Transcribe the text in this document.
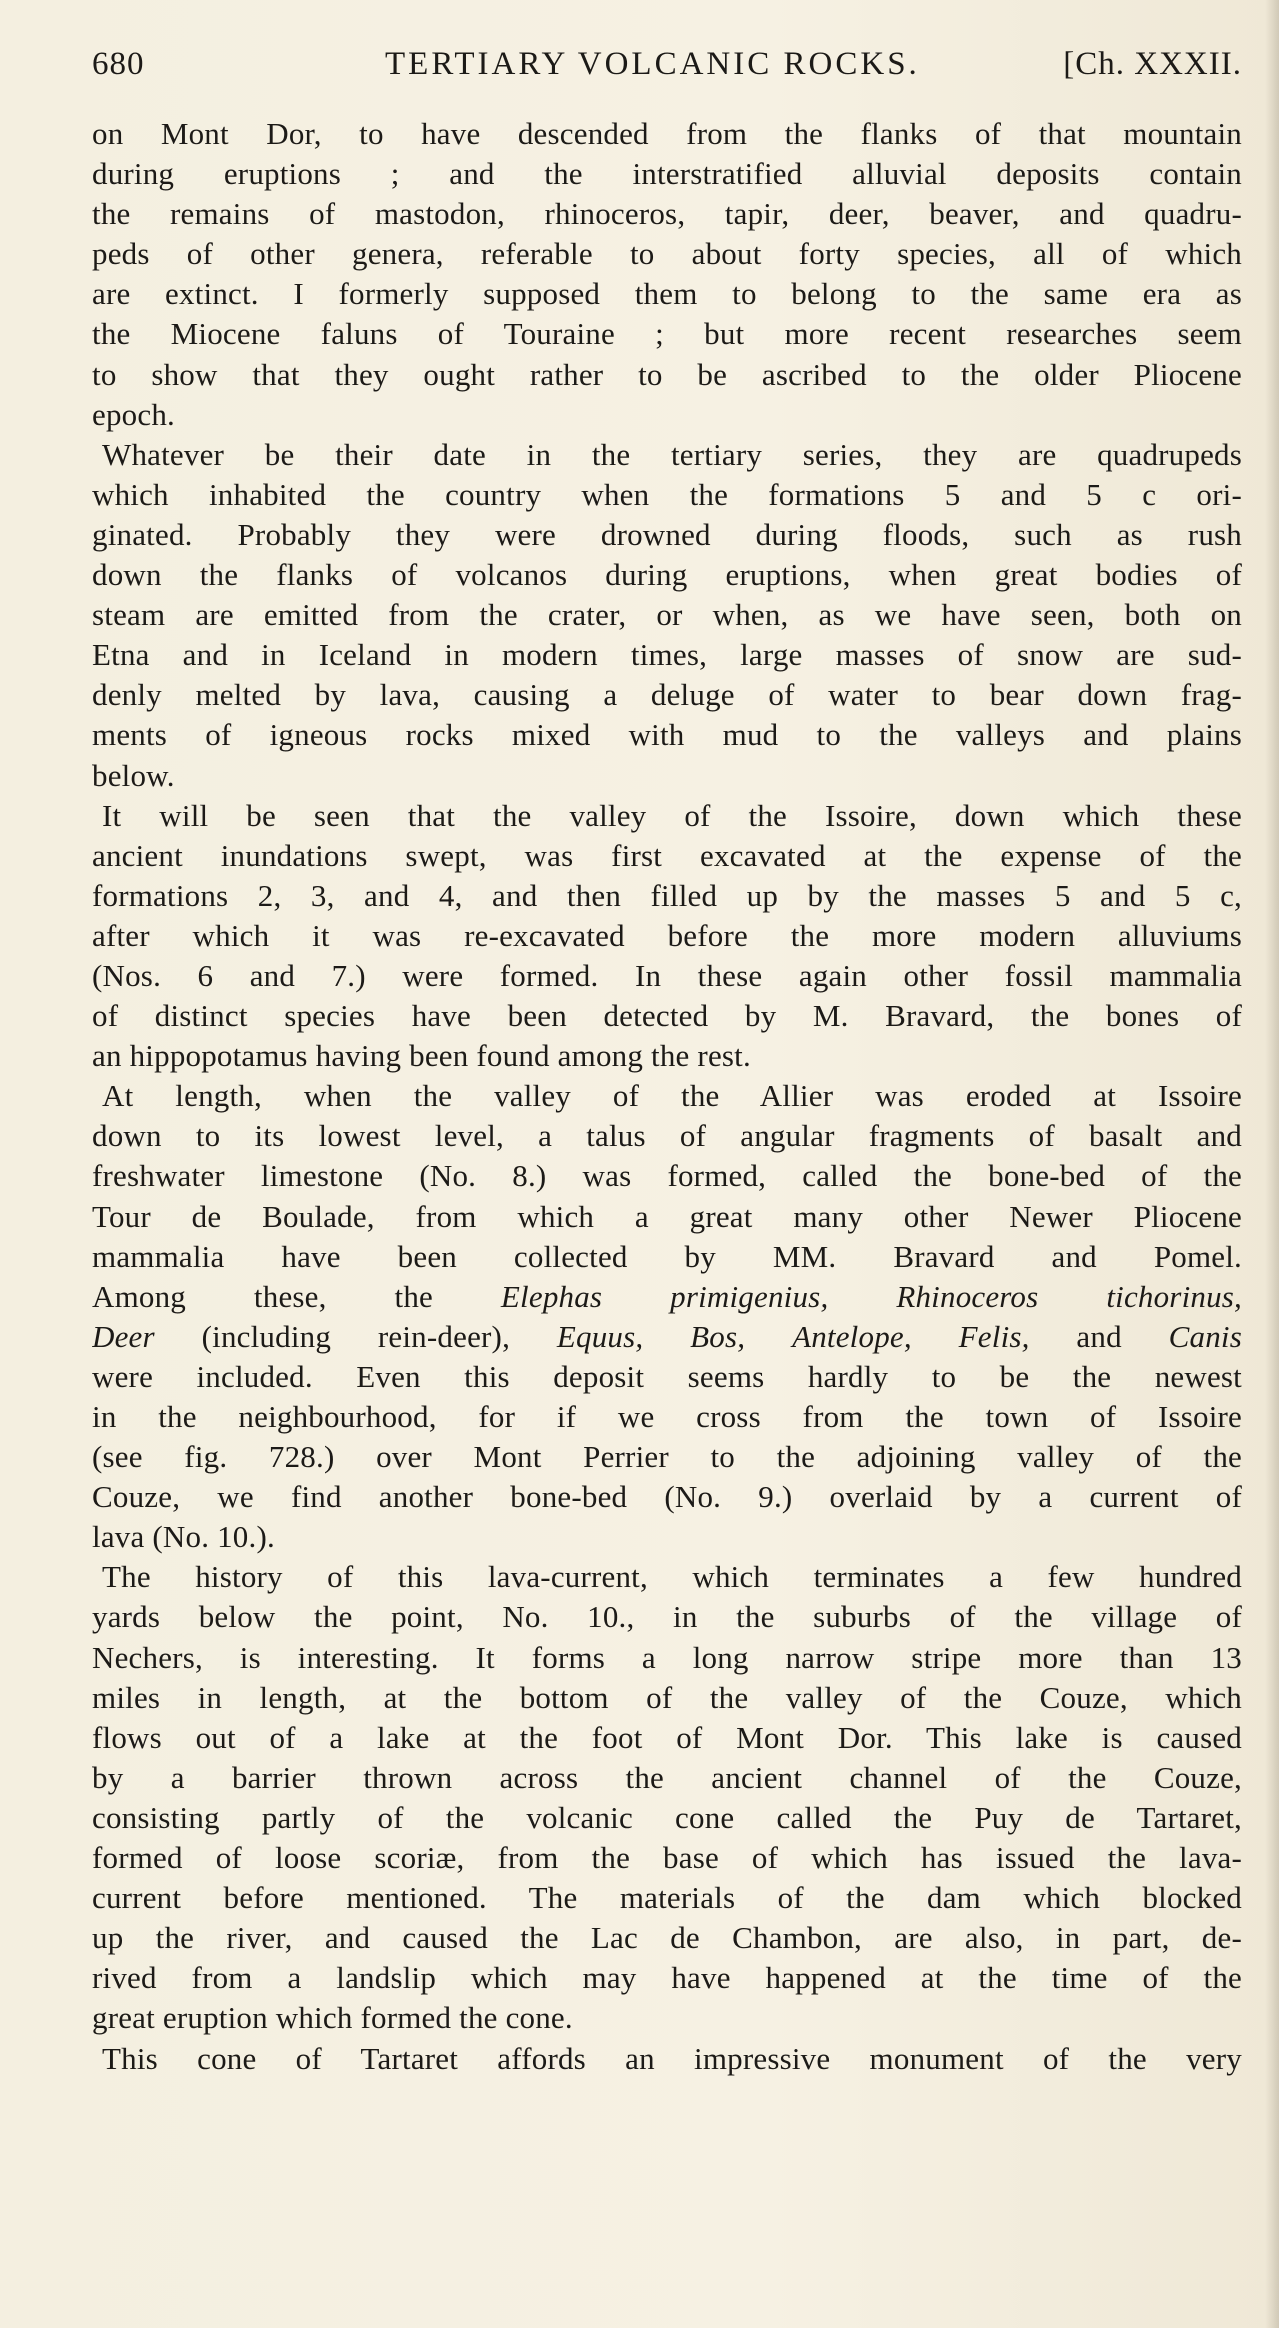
680	TERTIARY VOLCANIC ROCKS.	[Ch. XXXII.
on Mont Dor, to have descended from the flanks of that mountain
during eruptions ; and the interstratified alluvial deposits contain
the remains of mastodon, rhinoceros, tapir, deer, beaver, and quadru-
peds of other genera, referable to about forty species, all of which
are extinct. I formerly supposed them to belong to the same era as
the Miocene faluns of Touraine ; but more recent researches seem
to show that they ought rather to be ascribed to the older Pliocene
epoch.
Whatever be their date in the tertiary series, they are quadrupeds
which inhabited the country when the formations 5 and 5 c ori-
ginated. Probably they were drowned during floods, such as rush
down the flanks of volcanos during eruptions, when great bodies of
steam are emitted from the crater, or when, as we have seen, both on
Etna and in Iceland in modern times, large masses of snow are sud-
denly melted by lava, causing a deluge of water to bear down frag-
ments of igneous rocks mixed with mud to the valleys and plains
below.
It will be seen that the valley of the Issoire, down which these
ancient inundations swept, was first excavated at the expense of the
formations 2, 3, and 4, and then filled up by the masses 5 and 5 c,
after which it was re-excavated before the more modern alluviums
(Nos. 6 and 7.) were formed. In these again other fossil mammalia
of distinct species have been detected by M. Bravard, the bones of
an hippopotamus having been found among the rest.
At length, when the valley of the Allier was eroded at Issoire
down to its lowest level, a talus of angular fragments of basalt and
freshwater limestone (No. 8.) was formed, called the bone-bed of the
Tour de Boulade, from which a great many other Newer Pliocene
mammalia have been collected by MM. Bravard and Pomel.
Among these, the Elephas primigenius, Rhinoceros tichorinus,
Deer (including rein-deer), Equus, Bos, Antelope, Felis, and Canis
were included. Even this deposit seems hardly to be the newest
in the neighbourhood, for if we cross from the town of Issoire
(see fig. 728.) over Mont Perrier to the adjoining valley of the
Couze, we find another bone-bed (No. 9.) overlaid by a current of
lava (No. 10.).
The history of this lava-current, which terminates a few hundred
yards below the point, No. 10., in the suburbs of the village of
Nechers, is interesting. It forms a long narrow stripe more than 13
miles in length, at the bottom of the valley of the Couze, which
flows out of a lake at the foot of Mont Dor. This lake is caused
by a barrier thrown across the ancient channel of the Couze,
consisting partly of the volcanic cone called the Puy de Tartaret,
formed of loose scoriæ, from the base of which has issued the lava-
current before mentioned. The materials of the dam which blocked
up the river, and caused the Lac de Chambon, are also, in part, de-
rived from a landslip which may have happened at the time of the
great eruption which formed the cone.
This cone of Tartaret affords an impressive monument of the very
